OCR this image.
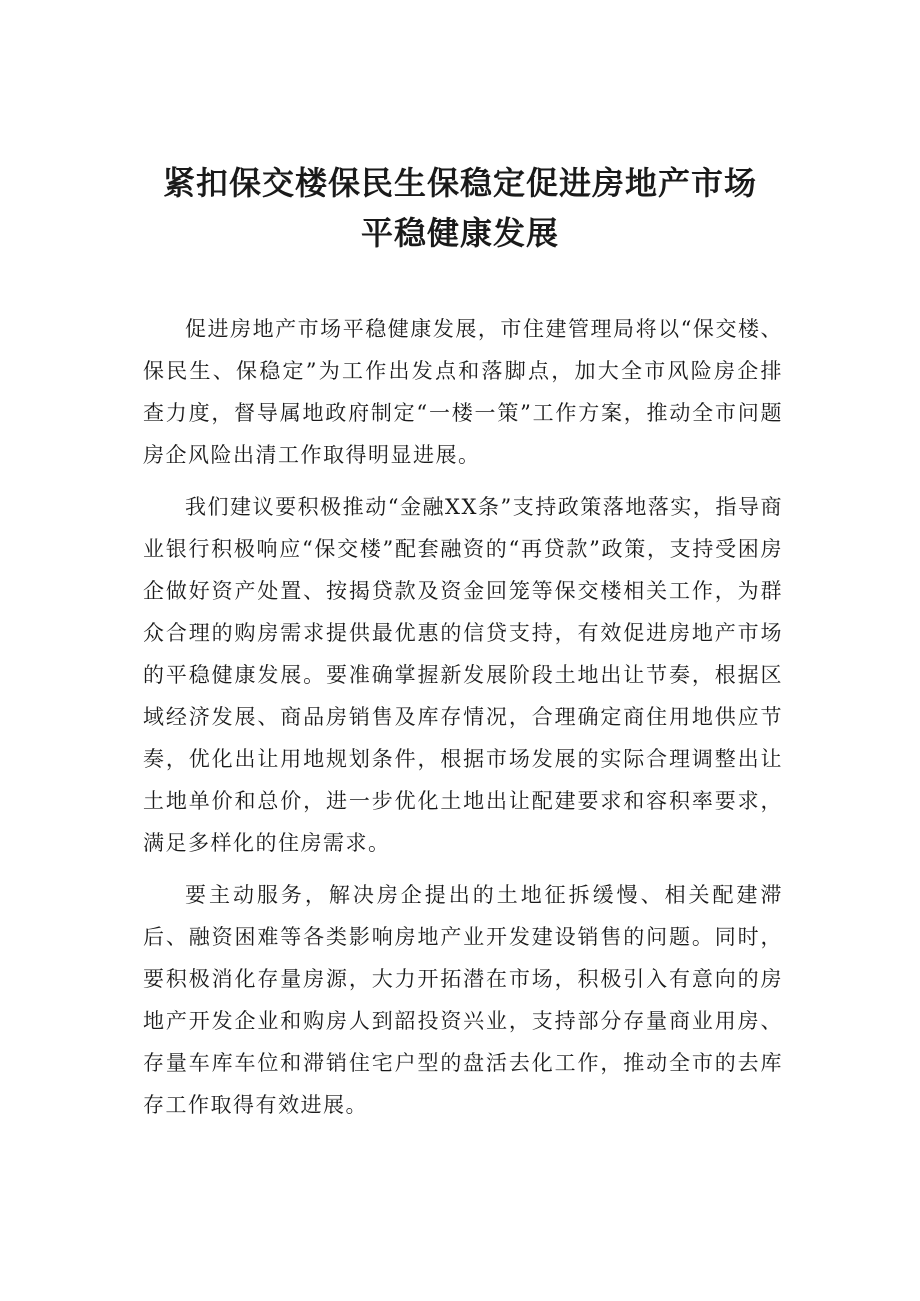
紧扣保交楼保民生保稳定促进房地产市场
平稳健康发展

促进房地产市场平稳健康发展，市住建管理局将以“保交楼、保民生、保稳定”为工作出发点和落脚点，加大全市风险房企排查力度，督导属地政府制定“一楼一策”工作方案，推动全市问题房企风险出清工作取得明显进展。

我们建议要积极推动“金融XX条”支持政策落地落实，指导商业银行积极响应“保交楼”配套融资的“再贷款”政策，支持受困房企做好资产处置、按揭贷款及资金回笼等保交楼相关工作，为群众合理的购房需求提供最优惠的信贷支持，有效促进房地产市场的平稳健康发展。要准确掌握新发展阶段土地出让节奏，根据区域经济发展、商品房销售及库存情况，合理确定商住用地供应节奏，优化出让用地规划条件，根据市场发展的实际合理调整出让土地单价和总价，进一步优化土地出让配建要求和容积率要求，满足多样化的住房需求。

要主动服务，解决房企提出的土地征拆缓慢、相关配建滞后、融资困难等各类影响房地产业开发建设销售的问题。同时，要积极消化存量房源，大力开拓潜在市场，积极引入有意向的房地产开发企业和购房人到韶投资兴业，支持部分存量商业用房、存量车库车位和滞销住宅户型的盘活去化工作，推动全市的去库存工作取得有效进展。
